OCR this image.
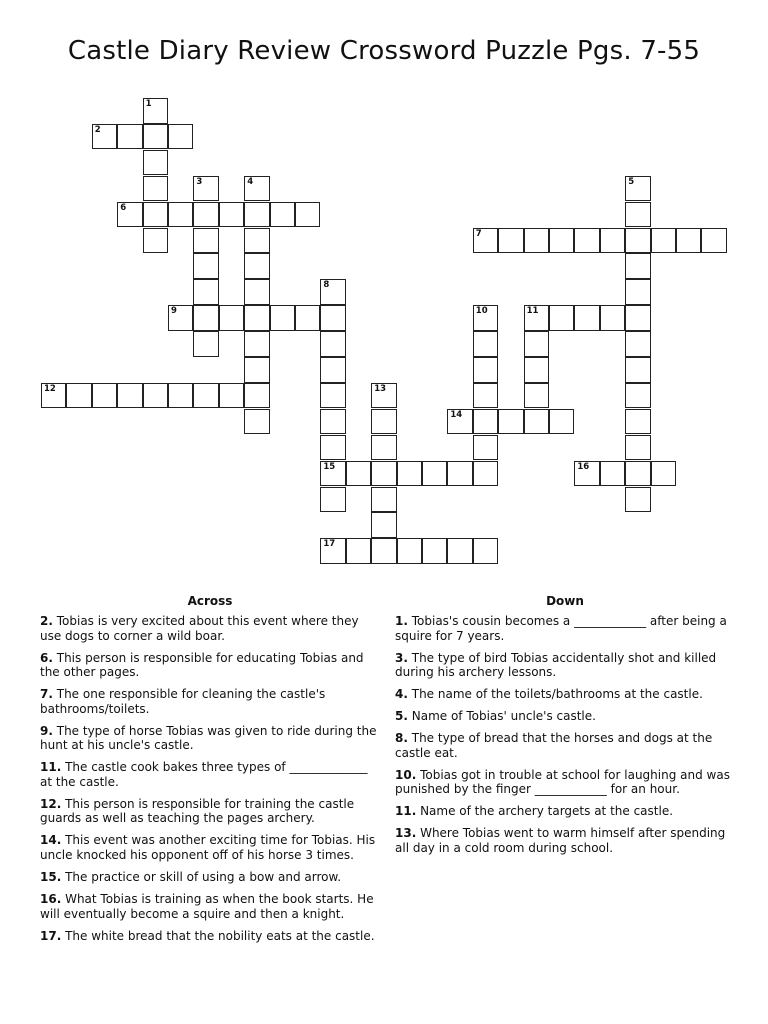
Castle Diary Review Crossword Puzzle Pgs. 7-55
1
2
3	4	5
6
7
8
15
9	10	11
12	13
14
16
17
Across
2. Tobias is very excited about this event where they use dogs to corner a wild boar.
6. This person is responsible for educating Tobias and the other pages.
7. The one responsible for cleaning the castle's bathrooms/toilets.
9. The type of horse Tobias was given to ride during the hunt at his uncle's castle.
11. The castle cook bakes three types of _____________ at the castle.
12. This person is responsible for training the castle guards as well as teaching the pages archery.
14. This event was another exciting time for Tobias. His uncle knocked his opponent off of his horse 3 times.
15. The practice or skill of using a bow and arrow.
16. What Tobias is training as when the book starts. He will eventually become a squire and then a knight.
17. The white bread that the nobility eats at the castle.
Down
1. Tobias's cousin becomes a ____________ after being a squire for 7 years.
3. The type of bird Tobias accidentally shot and killed during his archery lessons.
4. The name of the toilets/bathrooms at the castle.
5. Name of Tobias' uncle's castle.
8. The type of bread that the horses and dogs at the castle eat.
10. Tobias got in trouble at school for laughing and was punished by the finger ____________ for an hour.
11. Name of the archery targets at the castle.
13. Where Tobias went to warm himself after spending all day in a cold room during school.
